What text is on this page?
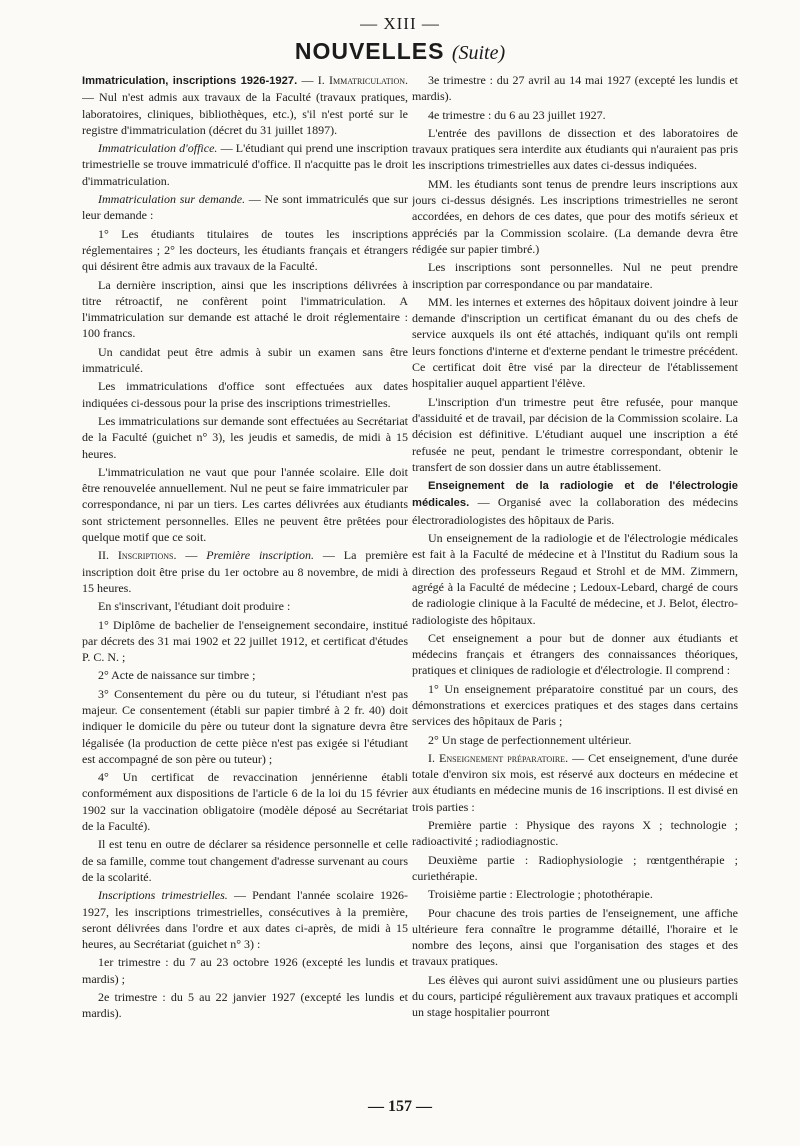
— XIII —
NOUVELLES (Suite)

Immatriculation, inscriptions 1926-1927. — I. Immatriculation. — Nul n'est admis aux travaux de la Faculté (travaux pratiques, laboratoires, cliniques, bibliothèques, etc.), s'il n'est porté sur le registre d'immatriculation (décret du 31 juillet 1897).

Immatriculation d'office. — L'étudiant qui prend une inscription trimestrielle se trouve immatriculé d'office. Il n'acquitte pas le droit d'immatriculation.

Immatriculation sur demande. — Ne sont immatriculés que sur leur demande :

1° Les étudiants titulaires de toutes les inscriptions réglementaires ; 2° les docteurs, les étudiants français et étrangers qui désirent être admis aux travaux de la Faculté.

La dernière inscription, ainsi que les inscriptions délivrées à titre rétroactif, ne confèrent point l'immatriculation. A l'immatriculation sur demande est attaché le droit réglementaire : 100 francs.

Un candidat peut être admis à subir un examen sans être immatriculé.

Les immatriculations d'office sont effectuées aux dates indiquées ci-dessous pour la prise des inscriptions trimestrielles.

Les immatriculations sur demande sont effectuées au Secrétariat de la Faculté (guichet n° 3), les jeudis et samedis, de midi à 15 heures.

L'immatriculation ne vaut que pour l'année scolaire. Elle doit être renouvelée annuellement. Nul ne peut se faire immatriculer par correspondance, ni par un tiers. Les cartes délivrées aux étudiants sont strictement personnelles. Elles ne peuvent être prêtées pour quelque motif que ce soit.

II. Inscriptions. — Première inscription. — La première inscription doit être prise du 1er octobre au 8 novembre, de midi à 15 heures.

En s'inscrivant, l'étudiant doit produire :

1° Diplôme de bachelier de l'enseignement secondaire, institué par décrets des 31 mai 1902 et 22 juillet 1912, et certificat d'études P. C. N. ;

2° Acte de naissance sur timbre ;

3° Consentement du père ou du tuteur, si l'étudiant n'est pas majeur. Ce consentement (établi sur papier timbré à 2 fr. 40) doit indiquer le domicile du père ou tuteur dont la signature devra être légalisée (la production de cette pièce n'est pas exigée si l'étudiant est accompagné de son père ou tuteur) ;

4° Un certificat de revaccination jennérienne établi conformément aux dispositions de l'article 6 de la loi du 15 février 1902 sur la vaccination obligatoire (modèle déposé au Secrétariat de la Faculté).

Il est tenu en outre de déclarer sa résidence personnelle et celle de sa famille, comme tout changement d'adresse survenant au cours de la scolarité.

Inscriptions trimestrielles. — Pendant l'année scolaire 1926-1927, les inscriptions trimestrielles, consécutives à la première, seront délivrées dans l'ordre et aux dates ci-après, de midi à 15 heures, au Secrétariat (guichet n° 3) :

1er trimestre : du 7 au 23 octobre 1926 (excepté les lundis et mardis) ;

2e trimestre : du 5 au 22 janvier 1927 (excepté les lundis et mardis).

3e trimestre : du 27 avril au 14 mai 1927 (excepté les lundis et mardis).

4e trimestre : du 6 au 23 juillet 1927.

L'entrée des pavillons de dissection et des laboratoires de travaux pratiques sera interdite aux étudiants qui n'auraient pas pris les inscriptions trimestrielles aux dates ci-dessus indiquées.

MM. les étudiants sont tenus de prendre leurs inscriptions aux jours ci-dessus désignés. Les inscriptions trimestrielles ne seront accordées, en dehors de ces dates, que pour des motifs sérieux et appréciés par la Commission scolaire. (La demande devra être rédigée sur papier timbré.)

Les inscriptions sont personnelles. Nul ne peut prendre inscription par correspondance ou par mandataire.

MM. les internes et externes des hôpitaux doivent joindre à leur demande d'inscription un certificat émanant du ou des chefs de service auxquels ils ont été attachés, indiquant qu'ils ont rempli leurs fonctions d'interne et d'externe pendant le trimestre précédent. Ce certificat doit être visé par la directeur de l'établissement hospitalier auquel appartient l'élève.

L'inscription d'un trimestre peut être refusée, pour manque d'assiduité et de travail, par décision de la Commission scolaire. La décision est définitive. L'étudiant auquel une inscription a été refusée ne peut, pendant le trimestre correspondant, obtenir le transfert de son dossier dans un autre établissement.

Enseignement de la radiologie et de l'électrologie médicales. — Organisé avec la collaboration des médecins électroradiologistes des hôpitaux de Paris.

Un enseignement de la radiologie et de l'électrologie médicales est fait à la Faculté de médecine et à l'Institut du Radium sous la direction des professeurs Regaud et Strohl et de MM. Zimmern, agrégé à la Faculté de médecine ; Ledoux-Lebard, chargé de cours de radiologie clinique à la Faculté de médecine, et J. Belot, électro-radiologiste des hôpitaux.

Cet enseignement a pour but de donner aux étudiants et médecins français et étrangers des connaissances théoriques, pratiques et cliniques de radiologie et d'électrologie. Il comprend :

1° Un enseignement préparatoire constitué par un cours, des démonstrations et exercices pratiques et des stages dans certains services des hôpitaux de Paris ;

2° Un stage de perfectionnement ultérieur.

I. Enseignement préparatoire. — Cet enseignement, d'une durée totale d'environ six mois, est réservé aux docteurs en médecine et aux étudiants en médecine munis de 16 inscriptions. Il est divisé en trois parties :

Première partie : Physique des rayons X ; technologie ; radioactivité ; radiodiagnostic.

Deuxième partie : Radiophysiologie ; rœntgenthérapie ; curiethérapie.

Troisième partie : Electrologie ; photothérapie.

Pour chacune des trois parties de l'enseignement, une affiche ultérieure fera connaître le programme détaillé, l'horaire et le nombre des leçons, ainsi que l'organisation des stages et des travaux pratiques.

Les élèves qui auront suivi assidûment une ou plusieurs parties du cours, participé régulièrement aux travaux pratiques et accompli un stage hospitalier pourront

— 157 —
